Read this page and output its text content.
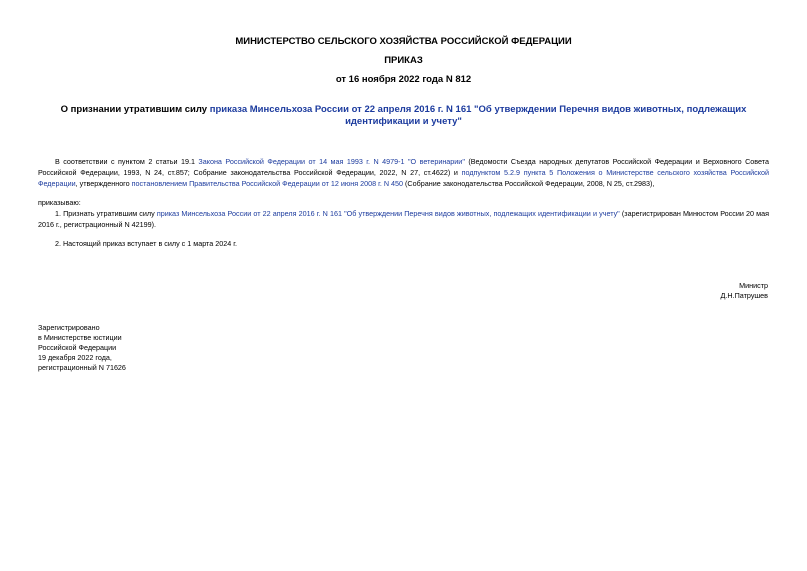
МИНИСТЕРСТВО СЕЛЬСКОГО ХОЗЯЙСТВА РОССИЙСКОЙ ФЕДЕРАЦИИ
ПРИКАЗ
от 16 ноября 2022 года N 812
О признании утратившим силу приказа Минсельхоза России от 22 апреля 2016 г. N 161 "Об утверждении Перечня видов животных, подлежащих идентификации и учету"
В соответствии с пунктом 2 статьи 19.1 Закона Российской Федерации от 14 мая 1993 г. N 4979-1 "О ветеринарии" (Ведомости Съезда народных депутатов Российской Федерации и Верховного Совета Российской Федерации, 1993, N 24, ст.857; Собрание законодательства Российской Федерации, 2022, N 27, ст.4622) и подпунктом 5.2.9 пункта 5 Положения о Министерстве сельского хозяйства Российской Федерации, утвержденного постановлением Правительства Российской Федерации от 12 июня 2008 г. N 450 (Собрание законодательства Российской Федерации, 2008, N 25, ст.2983),
приказываю:
1. Признать утратившим силу приказ Минсельхоза России от 22 апреля 2016 г. N 161 "Об утверждении Перечня видов животных, подлежащих идентификации и учету" (зарегистрирован Минюстом России 20 мая 2016 г., регистрационный N 42199).
2. Настоящий приказ вступает в силу с 1 марта 2024 г.
Министр
Д.Н.Патрушев
Зарегистрировано
в Министерстве юстиции
Российской Федерации
19 декабря 2022 года,
регистрационный N 71626
